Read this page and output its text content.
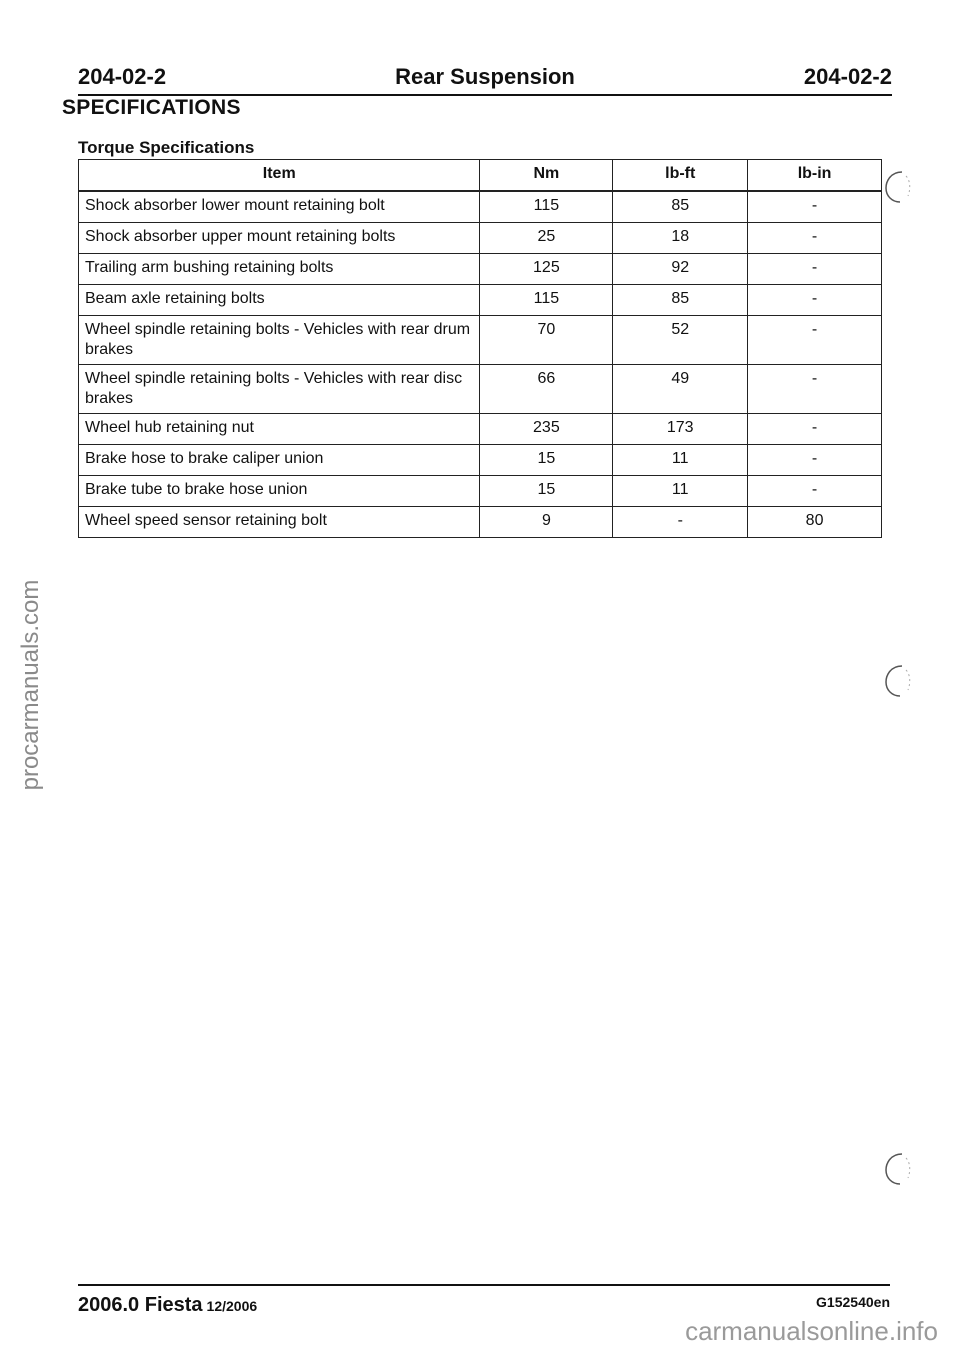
204-02-2	Rear Suspension	204-02-2
SPECIFICATIONS
Torque Specifications
Item	Nm	lb-ft	lb-in
Shock absorber lower mount retaining bolt	115	85	-
Shock absorber upper mount retaining bolts	25	18	-
Trailing arm bushing retaining bolts	125	92	-
Beam axle retaining bolts	115	85	-
Wheel spindle retaining bolts - Vehicles with rear drum brakes	70	52	-
Wheel spindle retaining bolts - Vehicles with rear disc brakes	66	49	-
Wheel hub retaining nut	235	173	-
Brake hose to brake caliper union	15	11	-
Brake tube to brake hose union	15	11	-
Wheel speed sensor retaining bolt	9	-	80
procarmanuals.com
2006.0 Fiesta 12/2006	G152540en
carmanualsonline.info
